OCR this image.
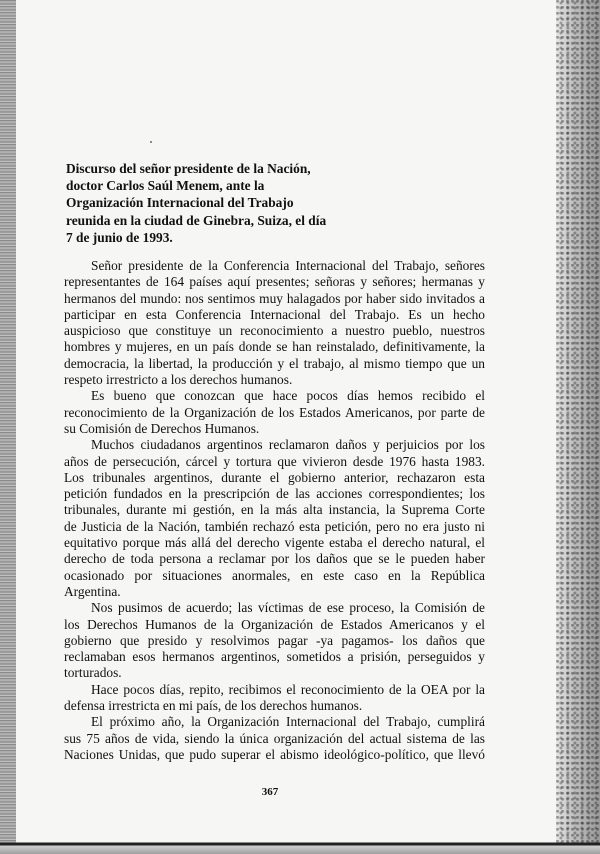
Discurso del señor presidente de la Nación,
doctor Carlos Saúl Menem, ante la
Organización Internacional del Trabajo
reunida en la ciudad de Ginebra, Suiza, el día
7 de junio de 1993.

Señor presidente de la Conferencia Internacional del Trabajo, señores
representantes de 164 países aquí presentes; señoras y señores; hermanas y
hermanos del mundo: nos sentimos muy halagados por haber sido invitados a
participar en esta Conferencia Internacional del Trabajo. Es un hecho
auspicioso que constituye un reconocimiento a nuestro pueblo, nuestros
hombres y mujeres, en un país donde se han reinstalado, definitivamente, la
democracia, la libertad, la producción y el trabajo, al mismo tiempo que un
respeto irrestricto a los derechos humanos.

Es bueno que conozcan que hace pocos días hemos recibido el
reconocimiento de la Organización de los Estados Americanos, por parte de
su Comisión de Derechos Humanos.

Muchos ciudadanos argentinos reclamaron daños y perjuicios por los
años de persecución, cárcel y tortura que vivieron desde 1976 hasta 1983.
Los tribunales argentinos, durante el gobierno anterior, rechazaron esta
petición fundados en la prescripción de las acciones correspondientes; los
tribunales, durante mi gestión, en la más alta instancia, la Suprema Corte
de Justicia de la Nación, también rechazó esta petición, pero no era justo ni
equitativo porque más allá del derecho vigente estaba el derecho natural, el
derecho de toda persona a reclamar por los daños que se le pueden haber
ocasionado por situaciones anormales, en este caso en la República
Argentina.

Nos pusimos de acuerdo; las víctimas de ese proceso, la Comisión de
los Derechos Humanos de la Organización de Estados Americanos y el
gobierno que presido y resolvimos pagar -ya pagamos- los daños que
reclamaban esos hermanos argentinos, sometidos a prisión, perseguidos y
torturados.

Hace pocos días, repito, recibimos el reconocimiento de la OEA por la
defensa irrestricta en mi país, de los derechos humanos.

El próximo año, la Organización Internacional del Trabajo, cumplirá
sus 75 años de vida, siendo la única organización del actual sistema de las
Naciones Unidas, que pudo superar el abismo ideológico-político, que llevó

367
